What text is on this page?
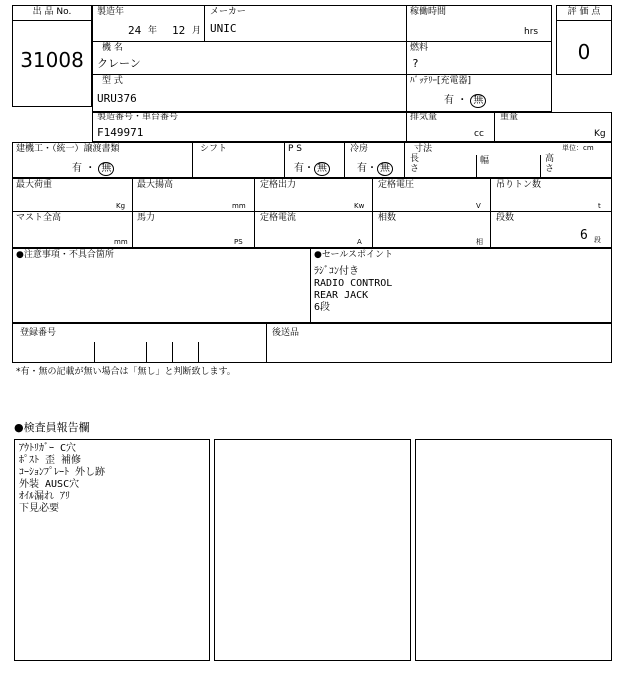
出 品 No.
31008
製造年
24 年 12 月
メーカー
UNIC
稼働時間
hrs
機 名
クレーン
燃料
?
型 式
URU376
ﾊﾞｯﾃﾘｰ[充電器]
有 ・ 無
評 価 点
0
製造番号・車台番号
F149971
排気量
cc
重量
Kg
建機工・（統一）譲渡書類
有 ・ 無
シフト	P S
有・ 無
冷房
有・ 無
寸法	単位：cm
長
さ
幅	高
さ
最大荷重
Kg
最大揚高
mm
定格出力
Kw
定格電圧
V
吊りトン数
t
マスト全高
mm
馬力
PS
定格電流
A
相数
相
段数
6 段
●注意事項・不具合箇所	●セールスポイント
ﾗｼﾞｺﾝ付き
RADIO CONTROL
REAR JACK
6段
登録番号	後送品
*有・無の記載が無い場合は「無し」と判断致します。
●検査員報告欄
ｱｳﾄﾘｶﾞｰ C穴
ﾎﾟｽﾄ 歪 補修
ｺｰｼｮﾝﾌﾟﾚｰﾄ 外し跡
外装 AUSC穴
ｵｲﾙ漏れ ｱﾘ
下見必要
